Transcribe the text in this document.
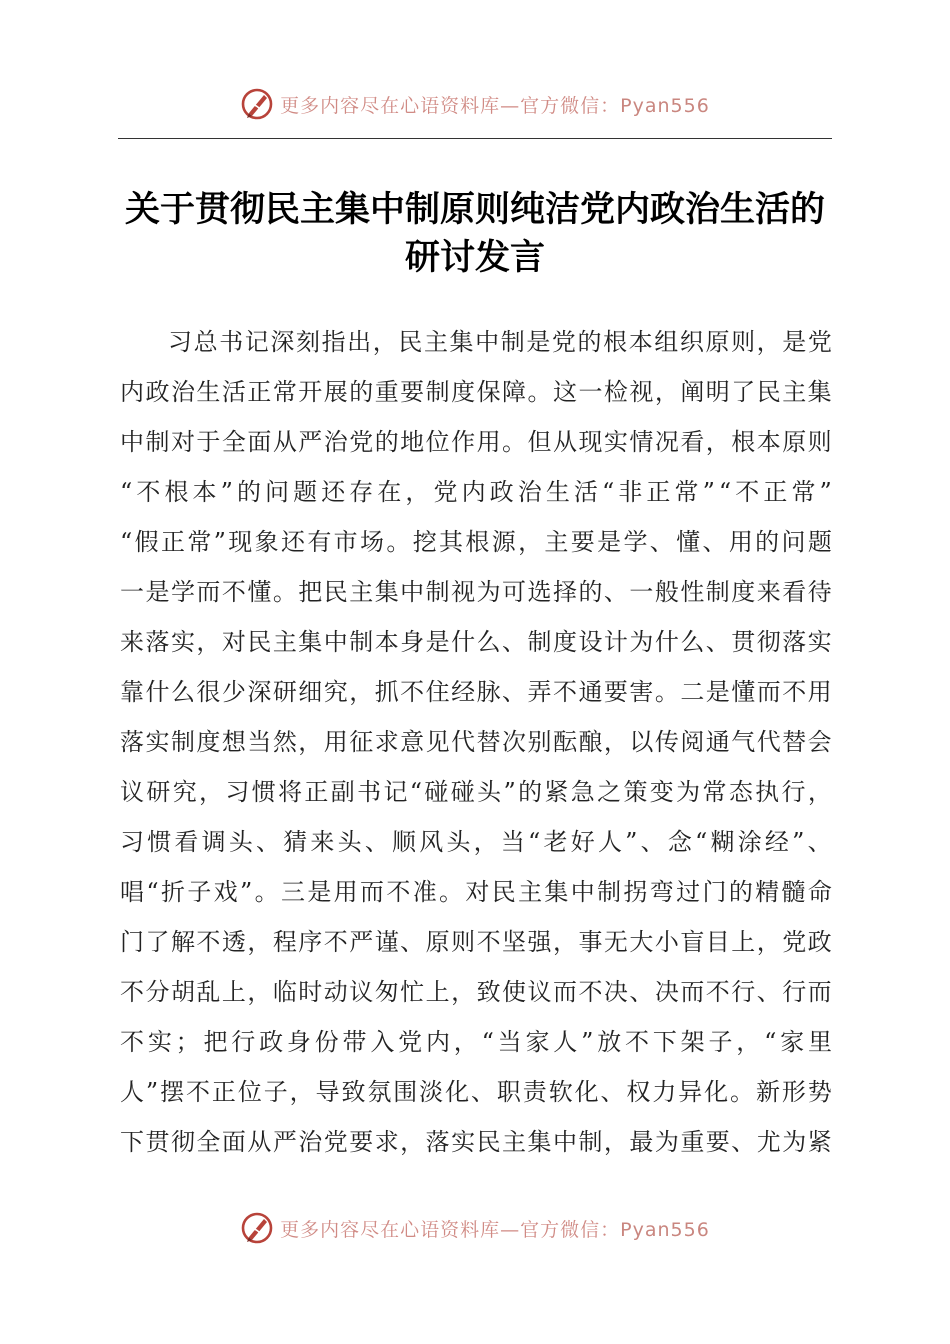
更多内容尽在心语资料库—官方微信：Pyan556
关于贯彻民主集中制原则纯洁党内政治生活的
研讨发言
习 总 书 记 深 刻 指 出 ， 民 主 集 中 制 是 党 的 根 本 组 织 原 则 ， 是 党
内 政 治 生 活 正 常 开 展 的 重 要 制 度 保 障 。 这 一 检 视 ， 阐 明 了 民 主 集
中 制 对 于 全 面 从 严 治 党 的 地 位 作 用 。 但 从 现 实 情 况 看 ， 根 本 原 则
“ 不 根 本 ” 的 问 题 还 存 在 ， 党 内 政 治 生 活 “ 非 正 常 ” “ 不 正 常 ”
“ 假 正 常 ” 现 象 还 有 市 场 。 挖 其 根 源 ， 主 要 是 学 、 懂 、 用 的 问 题
一 是 学 而 不 懂 。 把 民 主 集 中 制 视 为 可 选 择 的 、 一 般 性 制 度 来 看 待
来 落 实 ， 对 民 主 集 中 制 本 身 是 什 么 、 制 度 设 计 为 什 么 、 贯 彻 落 实
靠 什 么 很 少 深 研 细 究 ， 抓 不 住 经 脉 、 弄 不 通 要 害 。 二 是 懂 而 不 用
落 实 制 度 想 当 然 ， 用 征 求 意 见 代 替 次 别 酝 酿 ， 以 传 阅 通 气 代 替 会
议 研 究 ， 习 惯 将 正 副 书 记 “ 碰 碰 头 ” 的 紧 急 之 策 变 为 常 态 执 行 ，
习 惯 看 调 头 、 猜 来 头 、 顺 风 头 ， 当 “ 老 好 人 ” 、 念 “ 糊 涂 经 ” 、
唱 “ 折 子 戏 ” 。 三 是 用 而 不 准 。 对 民 主 集 中 制 拐 弯 过 门 的 精 髓 命
门 了 解 不 透 ， 程 序 不 严 谨 、 原 则 不 坚 强 ， 事 无 大 小 盲 目 上 ， 党 政
不 分 胡 乱 上 ， 临 时 动 议 匆 忙 上 ， 致 使 议 而 不 决 、 决 而 不 行 、 行 而
不 实 ； 把 行 政 身 份 带 入 党 内 ， “ 当 家 人 ” 放 不 下 架 子 ， “ 家 里
人 ” 摆 不 正 位 子 ， 导 致 氛 围 淡 化 、 职 责 软 化 、 权 力 异 化 。 新 形 势
下 贯 彻 全 面 从 严 治 党 要 求 ， 落 实 民 主 集 中 制 ， 最 为 重 要 、 尤 为 紧
更多内容尽在心语资料库—官方微信：Pyan556
